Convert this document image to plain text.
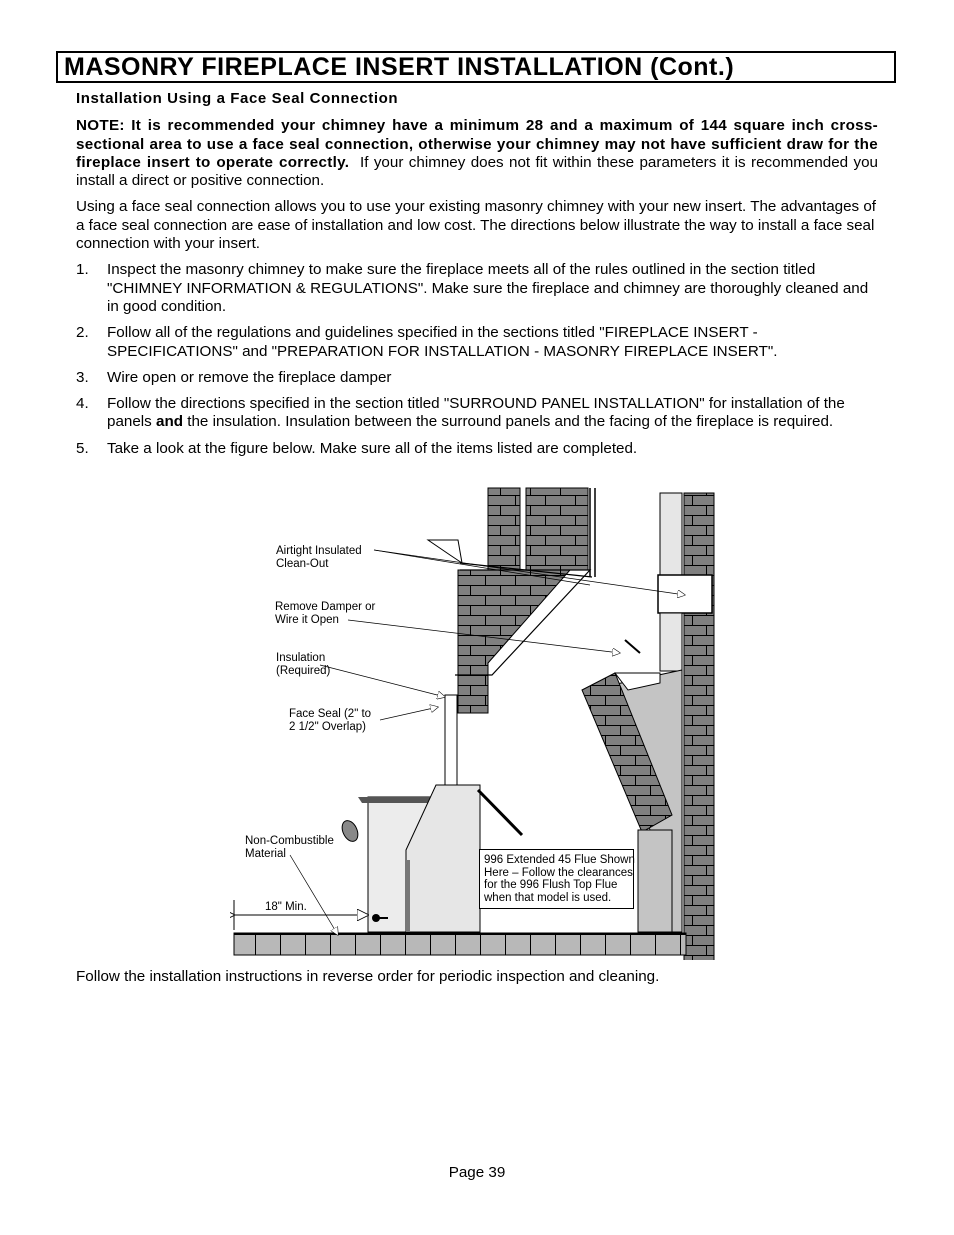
MASONRY FIREPLACE INSERT INSTALLATION (Cont.)
Installation Using a Face Seal Connection

NOTE: It is recommended your chimney have a minimum 28 and a maximum of 144 square inch cross-sectional area to use a face seal connection, otherwise your chimney may not have sufficient draw for the fireplace insert to operate correctly. If your chimney does not fit within these parameters it is recommended you install a direct or positive connection.

Using a face seal connection allows you to use your existing masonry chimney with your new insert. The advantages of a face seal connection are ease of installation and low cost. The directions below illustrate the way to install a face seal connection with your insert.

1. Inspect the masonry chimney to make sure the fireplace meets all of the rules outlined in the section titled "CHIMNEY INFORMATION & REGULATIONS". Make sure the fireplace and chimney are thoroughly cleaned and in good condition.
2. Follow all of the regulations and guidelines specified in the sections titled "FIREPLACE INSERT - SPECIFICATIONS" and "PREPARATION FOR INSTALLATION - MASONRY FIREPLACE INSERT".
3. Wire open or remove the fireplace damper
4. Follow the directions specified in the section titled "SURROUND PANEL INSTALLATION" for installation of the panels and the insulation. Insulation between the surround panels and the facing of the fireplace is required.
5. Take a look at the figure below. Make sure all of the items listed are completed.
Airtight Insulated
Clean-Out
Remove Damper or
Wire it Open
Insulation
(Required)
Face Seal (2" to
2 1/2" Overlap)
Non-Combustible
Material
18" Min.
996 Extended 45 Flue Shown
Here – Follow the clearances
for the 996 Flush Top Flue
when that model is used.
Follow the installation instructions in reverse order for periodic inspection and cleaning.
Page 39
